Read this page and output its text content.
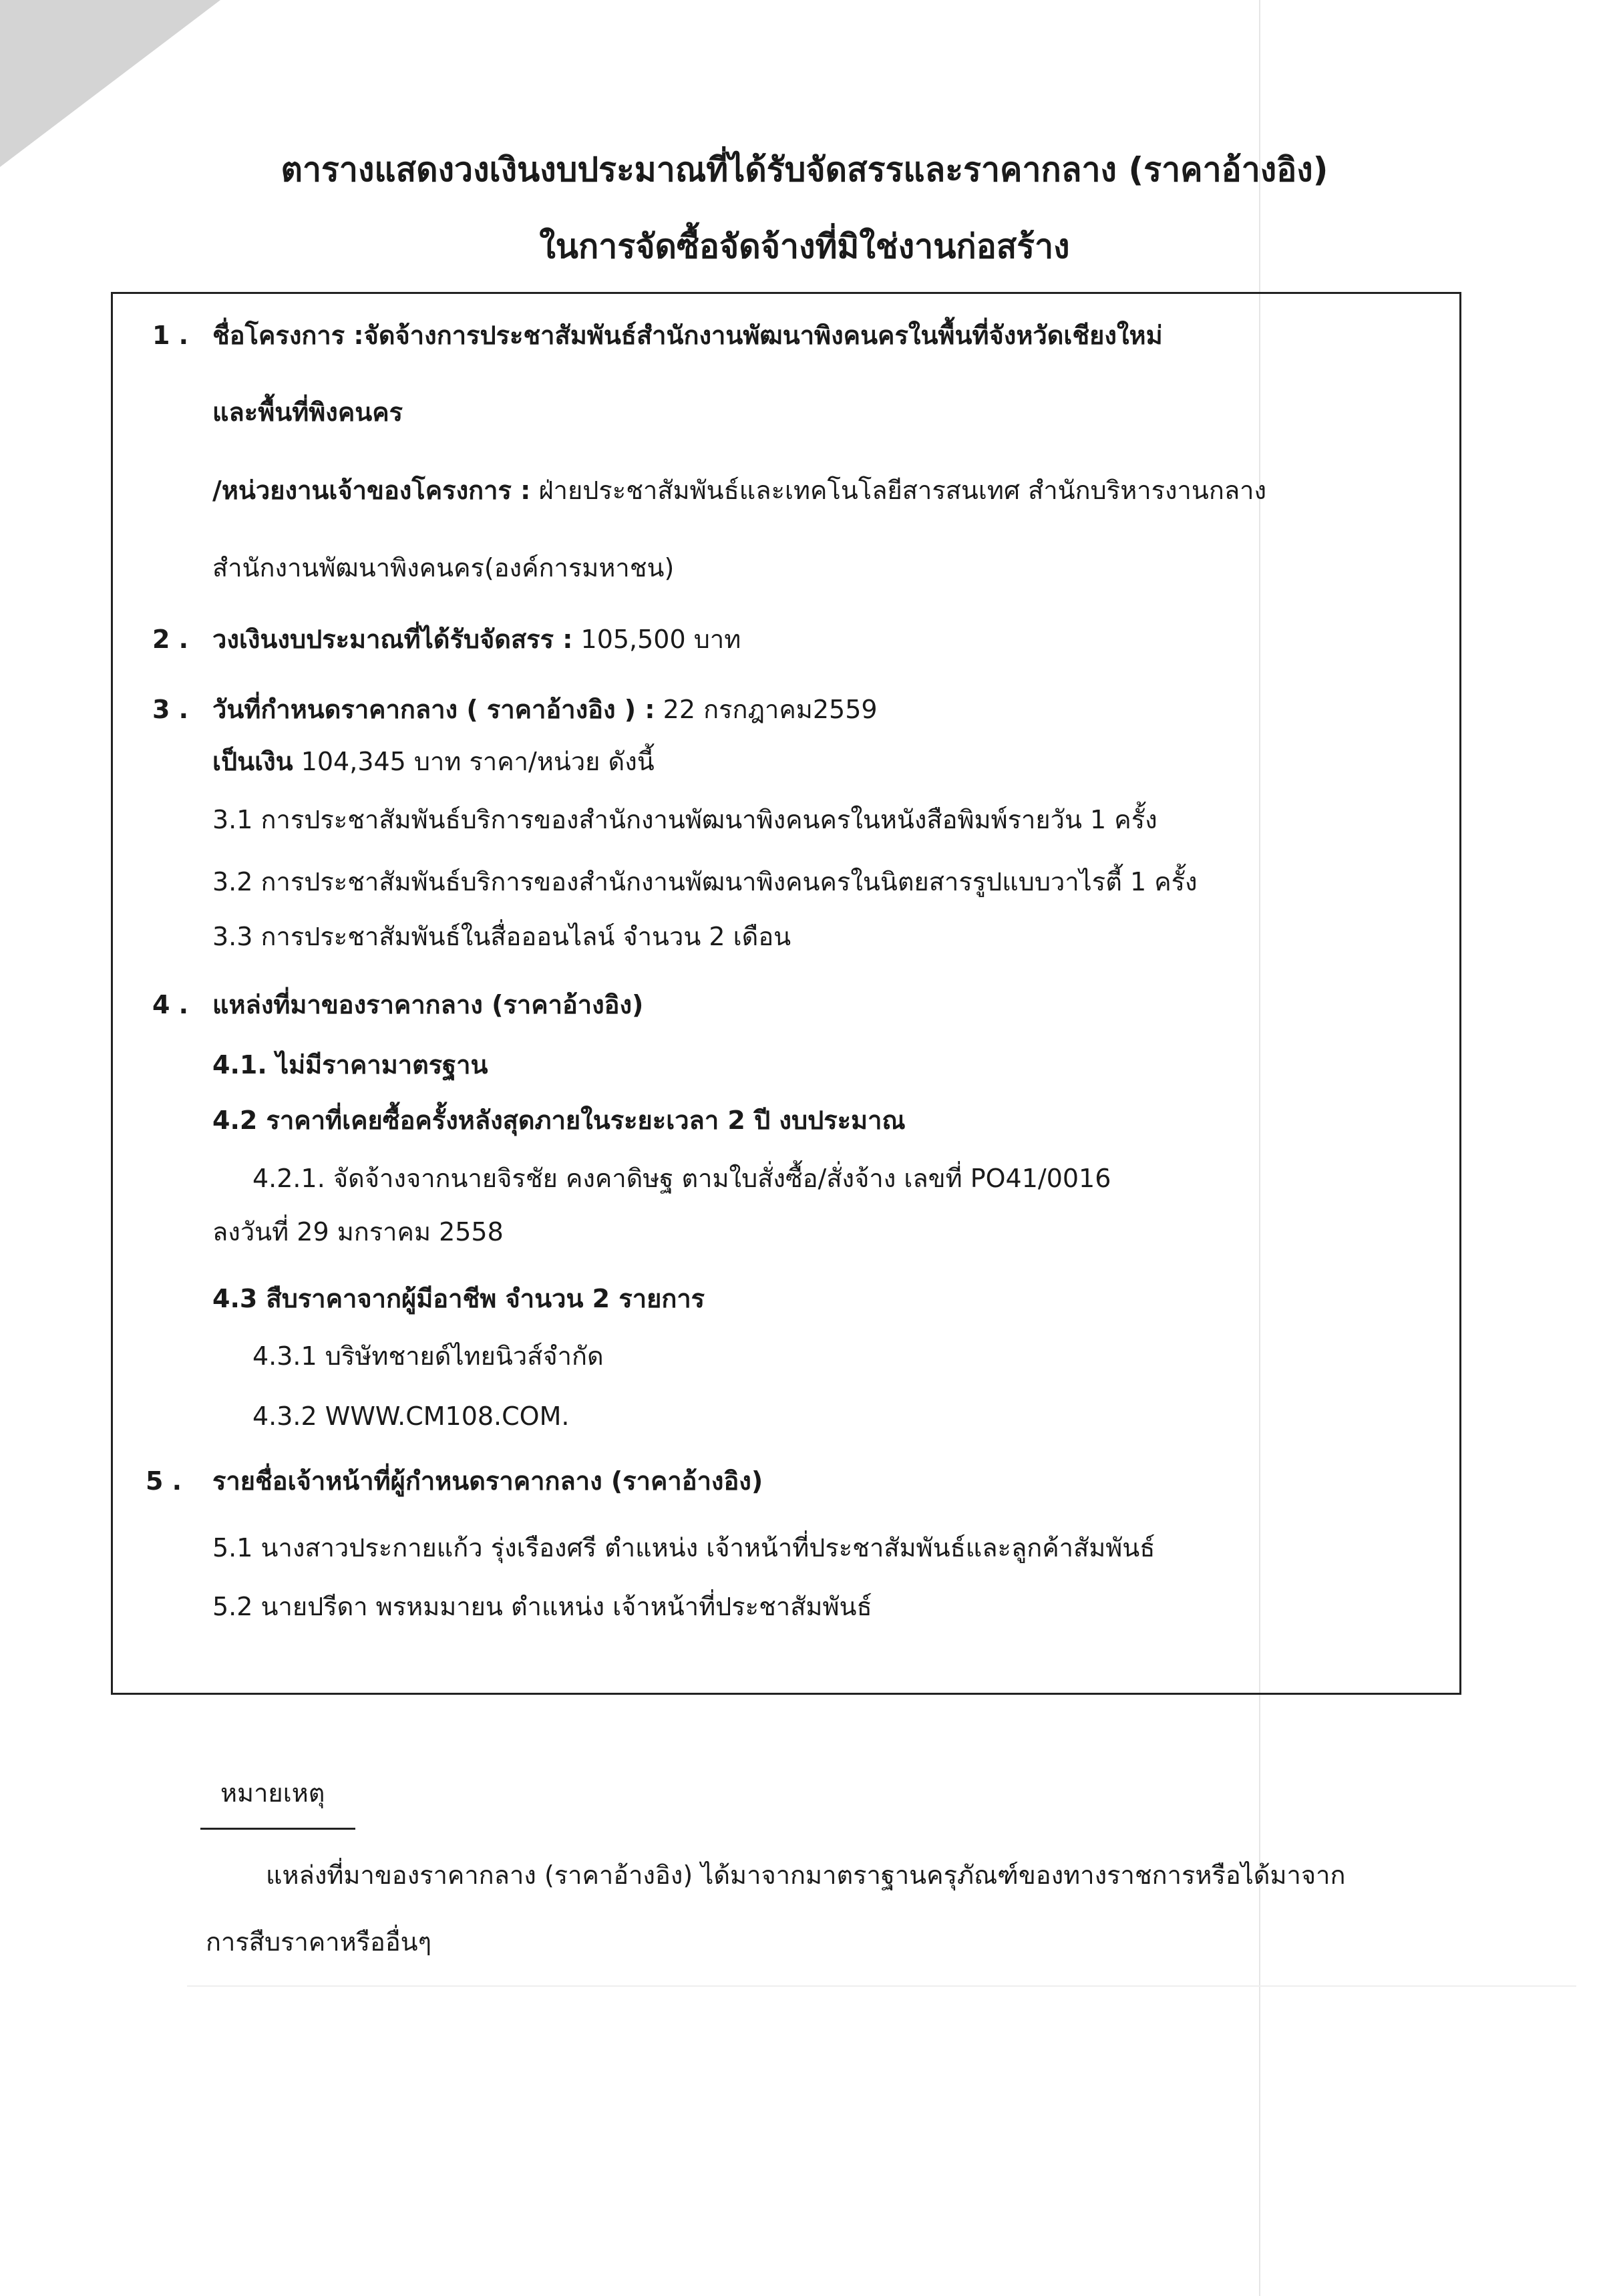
ตารางแสดงวงเงินงบประมาณที่ได้รับจัดสรรและราคากลาง (ราคาอ้างอิง)
ในการจัดซื้อจัดจ้างที่มิใช่งานก่อสร้าง
1 . ชื่อโครงการ :จัดจ้างการประชาสัมพันธ์สำนักงานพัฒนาพิงคนครในพื้นที่จังหวัดเชียงใหม่
และพื้นที่พิงคนคร
/หน่วยงานเจ้าของโครงการ : ฝ่ายประชาสัมพันธ์และเทคโนโลยีสารสนเทศ สำนักบริหารงานกลาง
สำนักงานพัฒนาพิงคนคร(องค์การมหาชน)
2 . วงเงินงบประมาณที่ได้รับจัดสรร : 105,500 บาท
3 . วันที่กำหนดราคากลาง ( ราคาอ้างอิง ) : 22 กรกฎาคม2559
เป็นเงิน 104,345 บาท ราคา/หน่วย ดังนี้
3.1 การประชาสัมพันธ์บริการของสำนักงานพัฒนาพิงคนครในหนังสือพิมพ์รายวัน 1 ครั้ง
3.2 การประชาสัมพันธ์บริการของสำนักงานพัฒนาพิงคนครในนิตยสารรูปแบบวาไรตี้ 1 ครั้ง
3.3 การประชาสัมพันธ์ในสื่อออนไลน์ จำนวน 2 เดือน
4 . แหล่งที่มาของราคากลาง (ราคาอ้างอิง)
4.1. ไม่มีราคามาตรฐาน
4.2 ราคาที่เคยซื้อครั้งหลังสุดภายในระยะเวลา 2 ปี งบประมาณ
4.2.1. จัดจ้างจากนายจิรชัย คงคาดิษฐ ตามใบสั่งซื้อ/สั่งจ้าง เลขที่ PO41/0016
ลงวันที่ 29 มกราคม 2558
4.3 สืบราคาจากผู้มีอาชีพ จำนวน 2 รายการ
4.3.1 บริษัทชายด์ไทยนิวส์จำกัด
4.3.2 WWW.CM108.COM.
5 . รายชื่อเจ้าหน้าที่ผู้กำหนดราคากลาง (ราคาอ้างอิง)
5.1 นางสาวประกายแก้ว รุ่งเรืองศรี ตำแหน่ง เจ้าหน้าที่ประชาสัมพันธ์และลูกค้าสัมพันธ์
5.2 นายปรีดา พรหมมายน ตำแหน่ง เจ้าหน้าที่ประชาสัมพันธ์
หมายเหตุ
แหล่งที่มาของราคากลาง (ราคาอ้างอิง) ได้มาจากมาตราฐานครุภัณฑ์ของทางราชการหรือได้มาจาก
การสืบราคาหรืออื่นๆ
